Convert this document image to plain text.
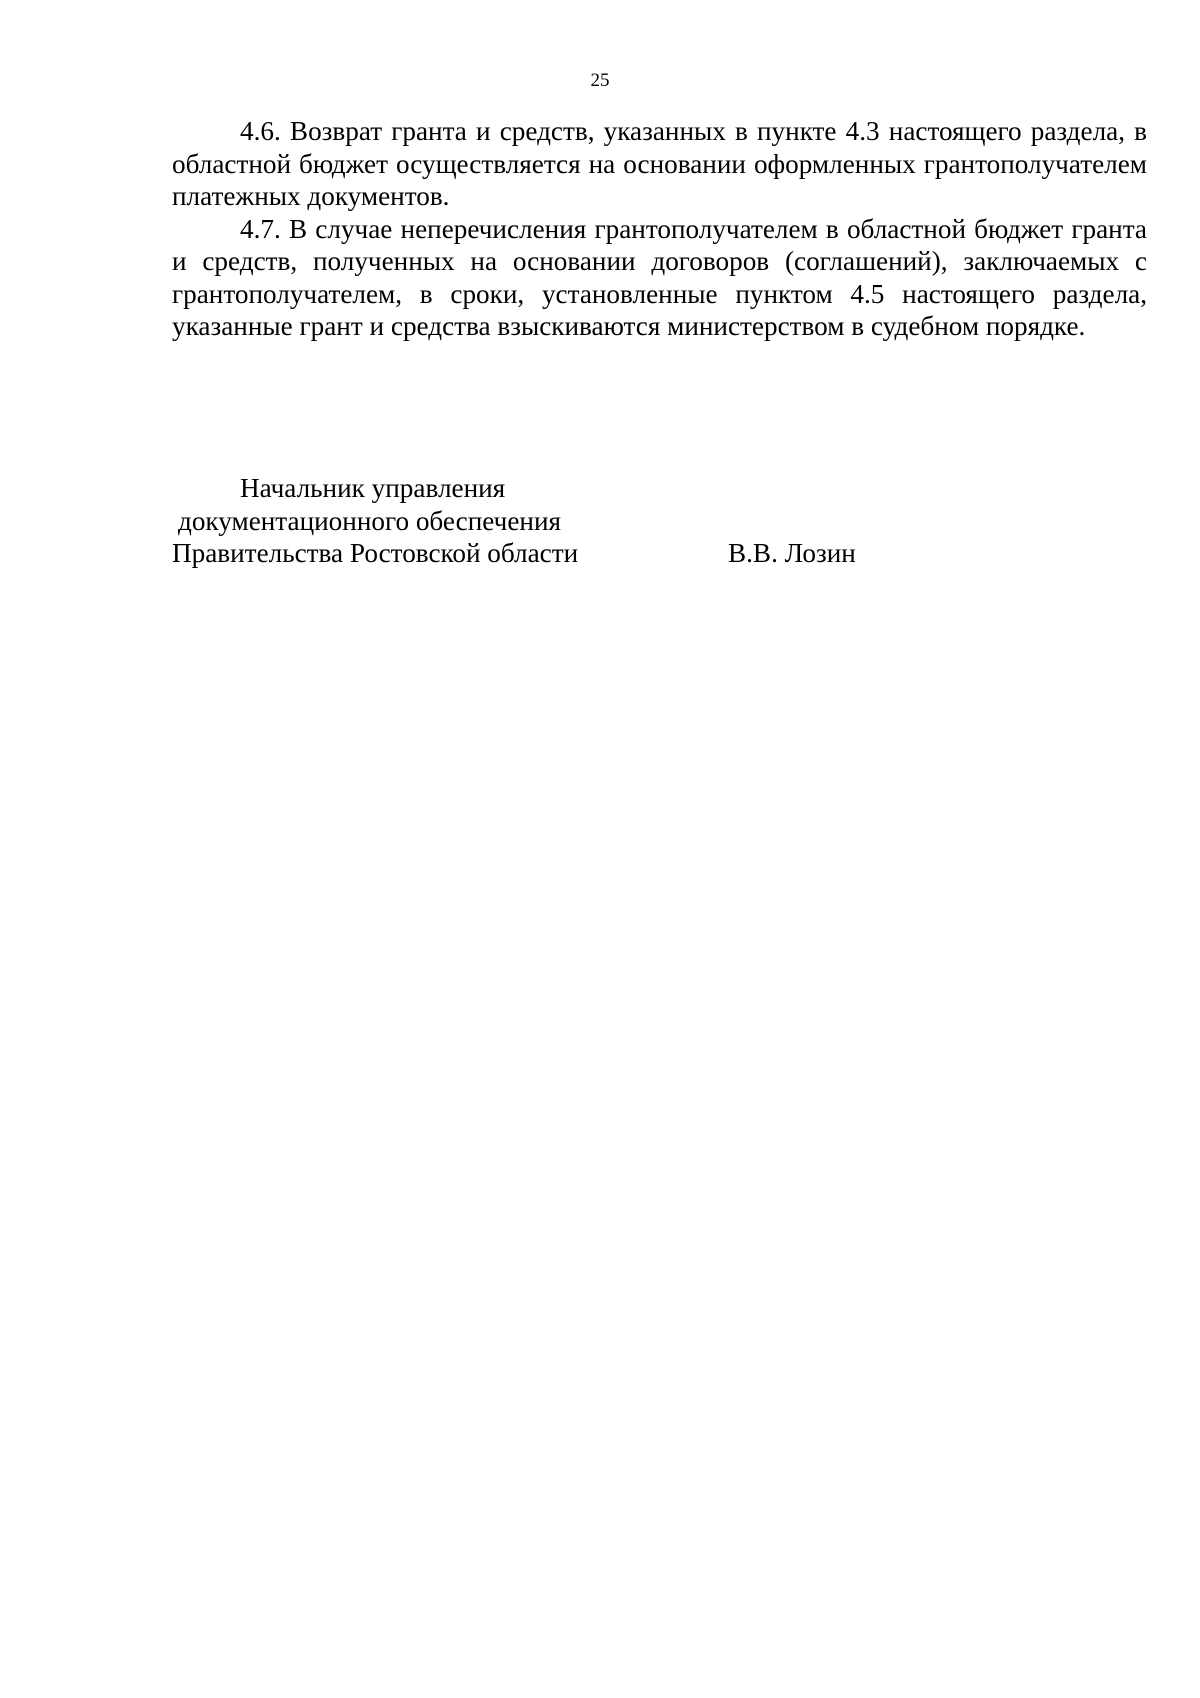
25

4.6. Возврат гранта и средств, указанных в пункте 4.3 настоящего раздела, в областной бюджет осуществляется на основании оформленных грантополучателем платежных документов.

4.7. В случае неперечисления грантополучателем в областной бюджет гранта и средств, полученных на основании договоров (соглашений), заключаемых с грантополучателем, в сроки, установленные пунктом 4.5 настоящего раздела, указанные грант и средства взыскиваются министерством в судебном порядке.

Начальник управления
документационного обеспечения
Правительства Ростовской области	В.В. Лозин
